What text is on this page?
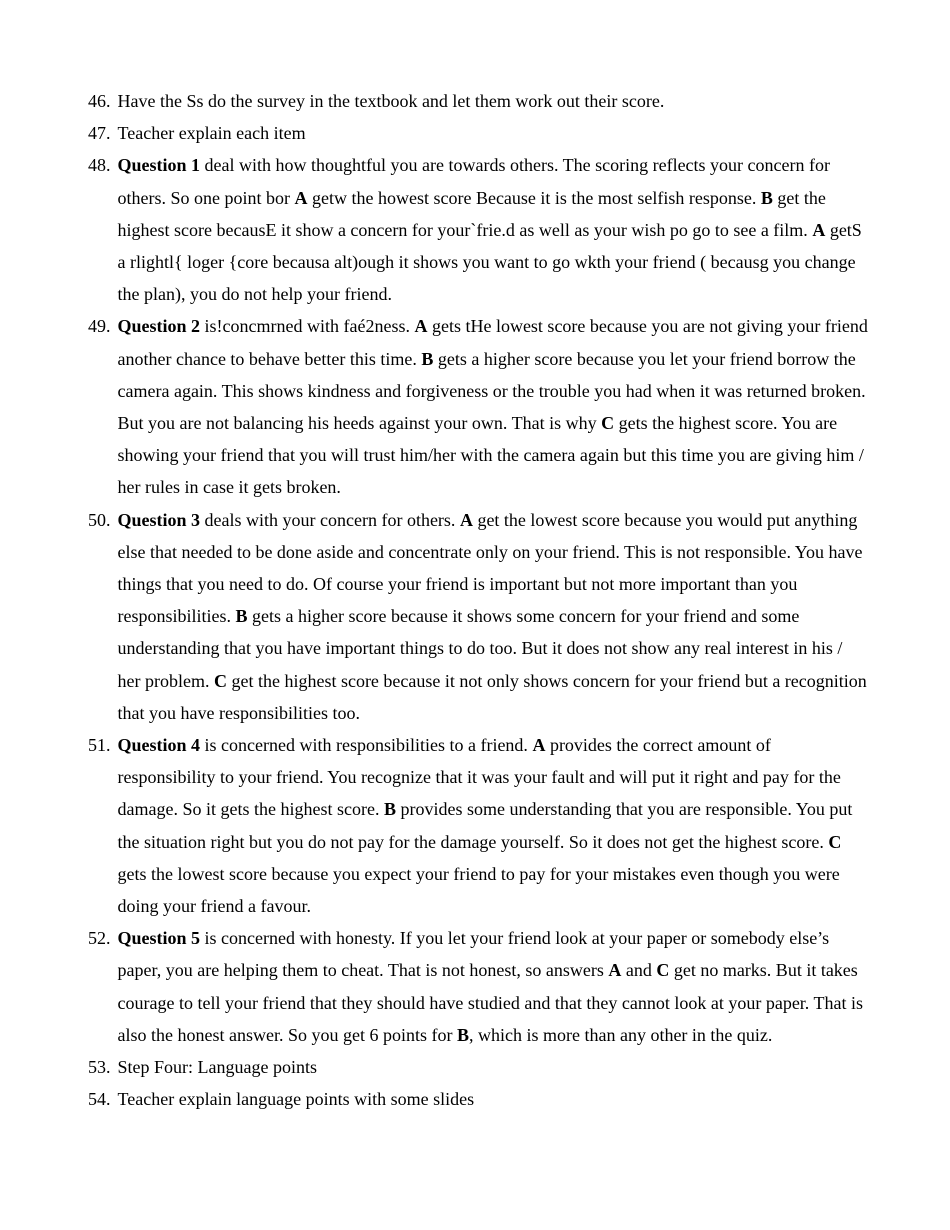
46. Have the Ss do the survey in the textbook and let them work out their score.
47. Teacher explain each item
48. Question 1 deal with how thoughtful you are towards others. The scoring reflects your concern for others. So one point bor A getw the howest score Because it is the most selfish response. B get the highest score becausE it show a concern for your`frie.d as well as your wish po go to see a film. A getS a rlightl{ loger {core becausa alt)ough it shows you want to go wkth your friend ( becausg you change the plan), you do not help your friend.
49. Question 2 is!concmrned with faé2ness. A gets tHe lowest score because you are not giving your friend another chance to behave better this time. B gets a higher score because you let your friend borrow the camera again. This shows kindness and forgiveness or the trouble you had when it was returned broken. But you are not balancing his heeds against your own. That is why C gets the highest score. You are showing your friend that you will trust him/her with the camera again but this time you are giving him / her rules in case it gets broken.
50. Question 3 deals with your concern for others. A get the lowest score because you would put anything else that needed to be done aside and concentrate only on your friend. This is not responsible. You have things that you need to do. Of course your friend is important but not more important than you responsibilities. B gets a higher score because it shows some concern for your friend and some understanding that you have important things to do too. But it does not show any real interest in his / her problem. C get the highest score because it not only shows concern for your friend but a recognition that you have responsibilities too.
51. Question 4 is concerned with responsibilities to a friend. A provides the correct amount of responsibility to your friend. You recognize that it was your fault and will put it right and pay for the damage. So it gets the highest score. B provides some understanding that you are responsible. You put the situation right but you do not pay for the damage yourself. So it does not get the highest score. C gets the lowest score because you expect your friend to pay for your mistakes even though you were doing your friend a favour.
52. Question 5 is concerned with honesty. If you let your friend look at your paper or somebody else’s paper, you are helping them to cheat. That is not honest, so answers A and C get no marks. But it takes courage to tell your friend that they should have studied and that they cannot look at your paper. That is also the honest answer. So you get 6 points for B, which is more than any other in the quiz.
53. Step Four: Language points
54. Teacher explain language points with some slides
